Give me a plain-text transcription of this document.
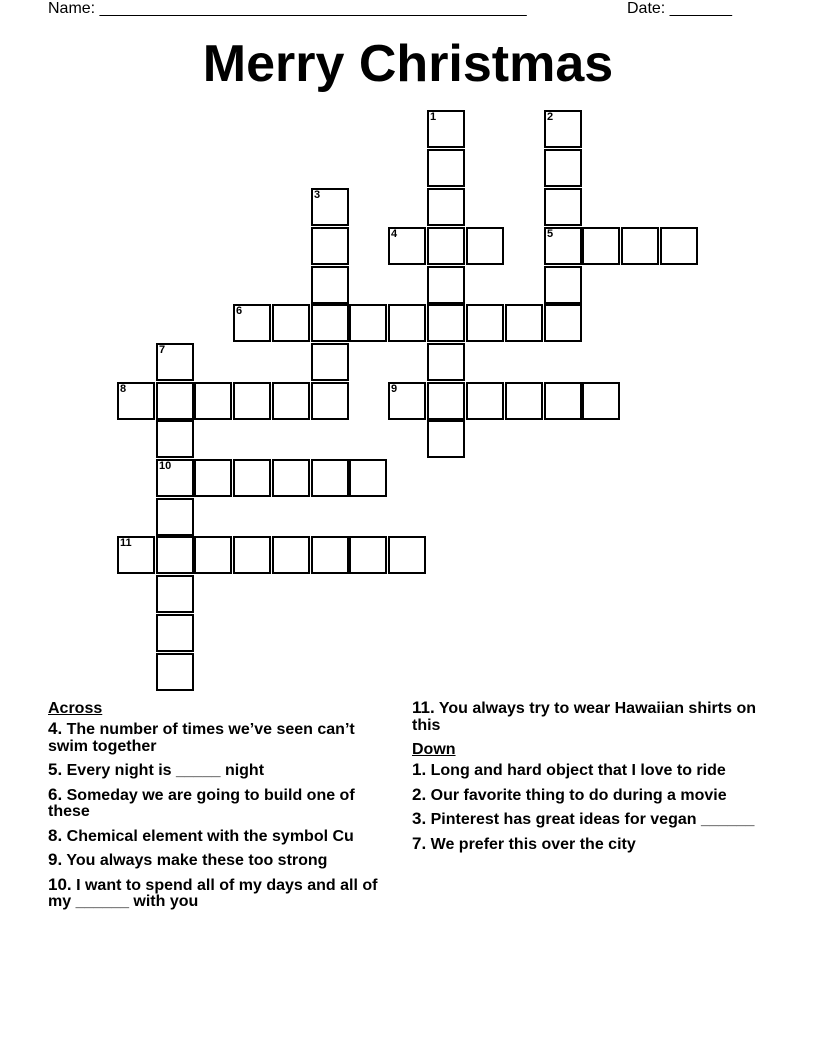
Name: ________________________________________________	Date: _______
Merry Christmas
1	2
5
3
4
6
7
10
8	9
11
Across
4. The number of times we’ve seen can’t swim together
5. Every night is _____ night
6. Someday we are going to build one of these
8. Chemical element with the symbol Cu
9. You always make these too strong
10. I want to spend all of my days and all of my ______ with you
11. You always try to wear Hawaiian shirts on this
Down
1. Long and hard object that I love to ride
2. Our favorite thing to do during a movie
3. Pinterest has great ideas for vegan ______
7. We prefer this over the city
